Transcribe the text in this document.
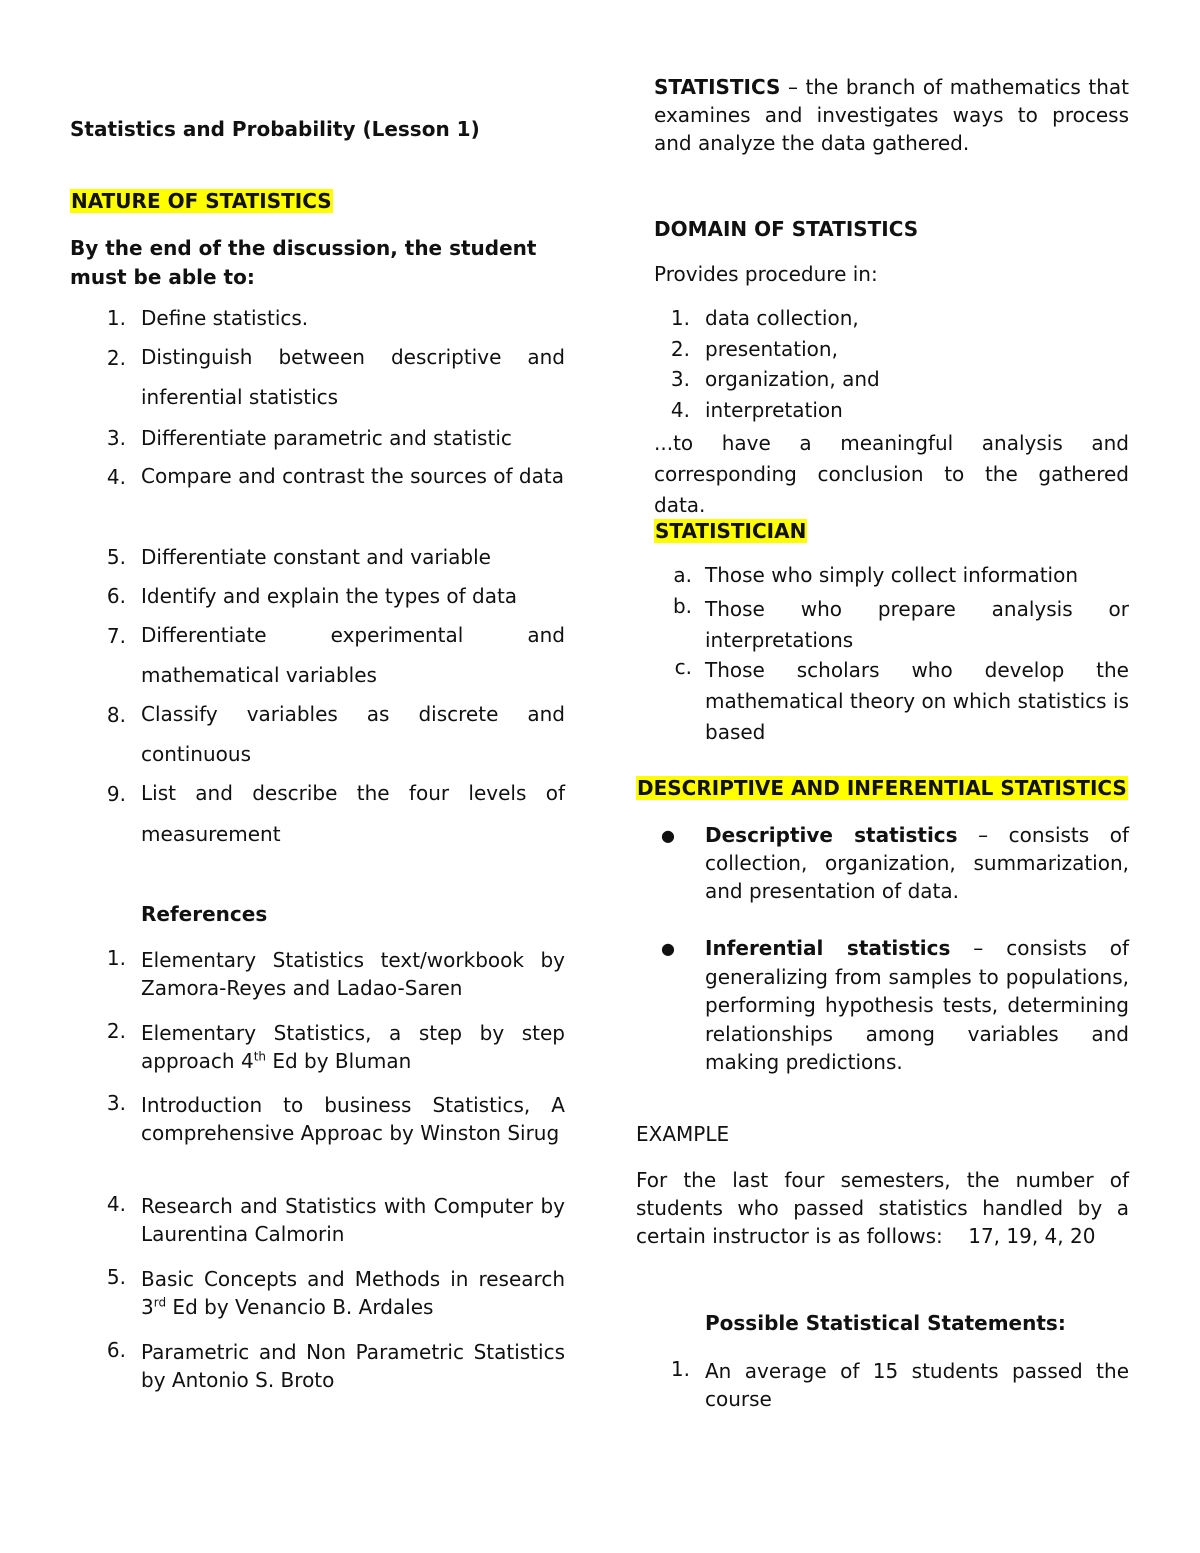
Statistics and Probability (Lesson 1)
NATURE OF STATISTICS
By the end of the discussion, the student must be able to:
1. Define statistics.
2. Distinguish between descriptive and inferential statistics
3. Differentiate parametric and statistic
4. Compare and contrast the sources of data
5. Differentiate constant and variable
6. Identify and explain the types of data
7. Differentiate experimental and mathematical variables
8. Classify variables as discrete and continuous
9. List and describe the four levels of measurement
References
1. Elementary Statistics text/workbook by Zamora-Reyes and Ladao-Saren
2. Elementary Statistics, a step by step approach 4th Ed by Bluman
3. Introduction to business Statistics, A comprehensive Approac by Winston Sirug
4. Research and Statistics with Computer by Laurentina Calmorin
5. Basic Concepts and Methods in research 3rd Ed by Venancio B. Ardales
6. Parametric and Non Parametric Statistics by Antonio S. Broto
STATISTICS – the branch of mathematics that examines and investigates ways to process and analyze the data gathered.
DOMAIN OF STATISTICS
Provides procedure in:
1. data collection,
2. presentation,
3. organization, and
4. interpretation
...to have a meaningful analysis and corresponding conclusion to the gathered data.
STATISTICIAN
a. Those who simply collect information
b. Those who prepare analysis or interpretations
c. Those scholars who develop the mathematical theory on which statistics is based
DESCRIPTIVE AND INFERENTIAL STATISTICS
● Descriptive statistics – consists of collection, organization, summarization, and presentation of data.
● Inferential statistics – consists of generalizing from samples to populations, performing hypothesis tests, determining relationships among variables and making predictions.
EXAMPLE
For the last four semesters, the number of students who passed statistics handled by a certain instructor is as follows: 17, 19, 4, 20
Possible Statistical Statements:
1. An average of 15 students passed the course
